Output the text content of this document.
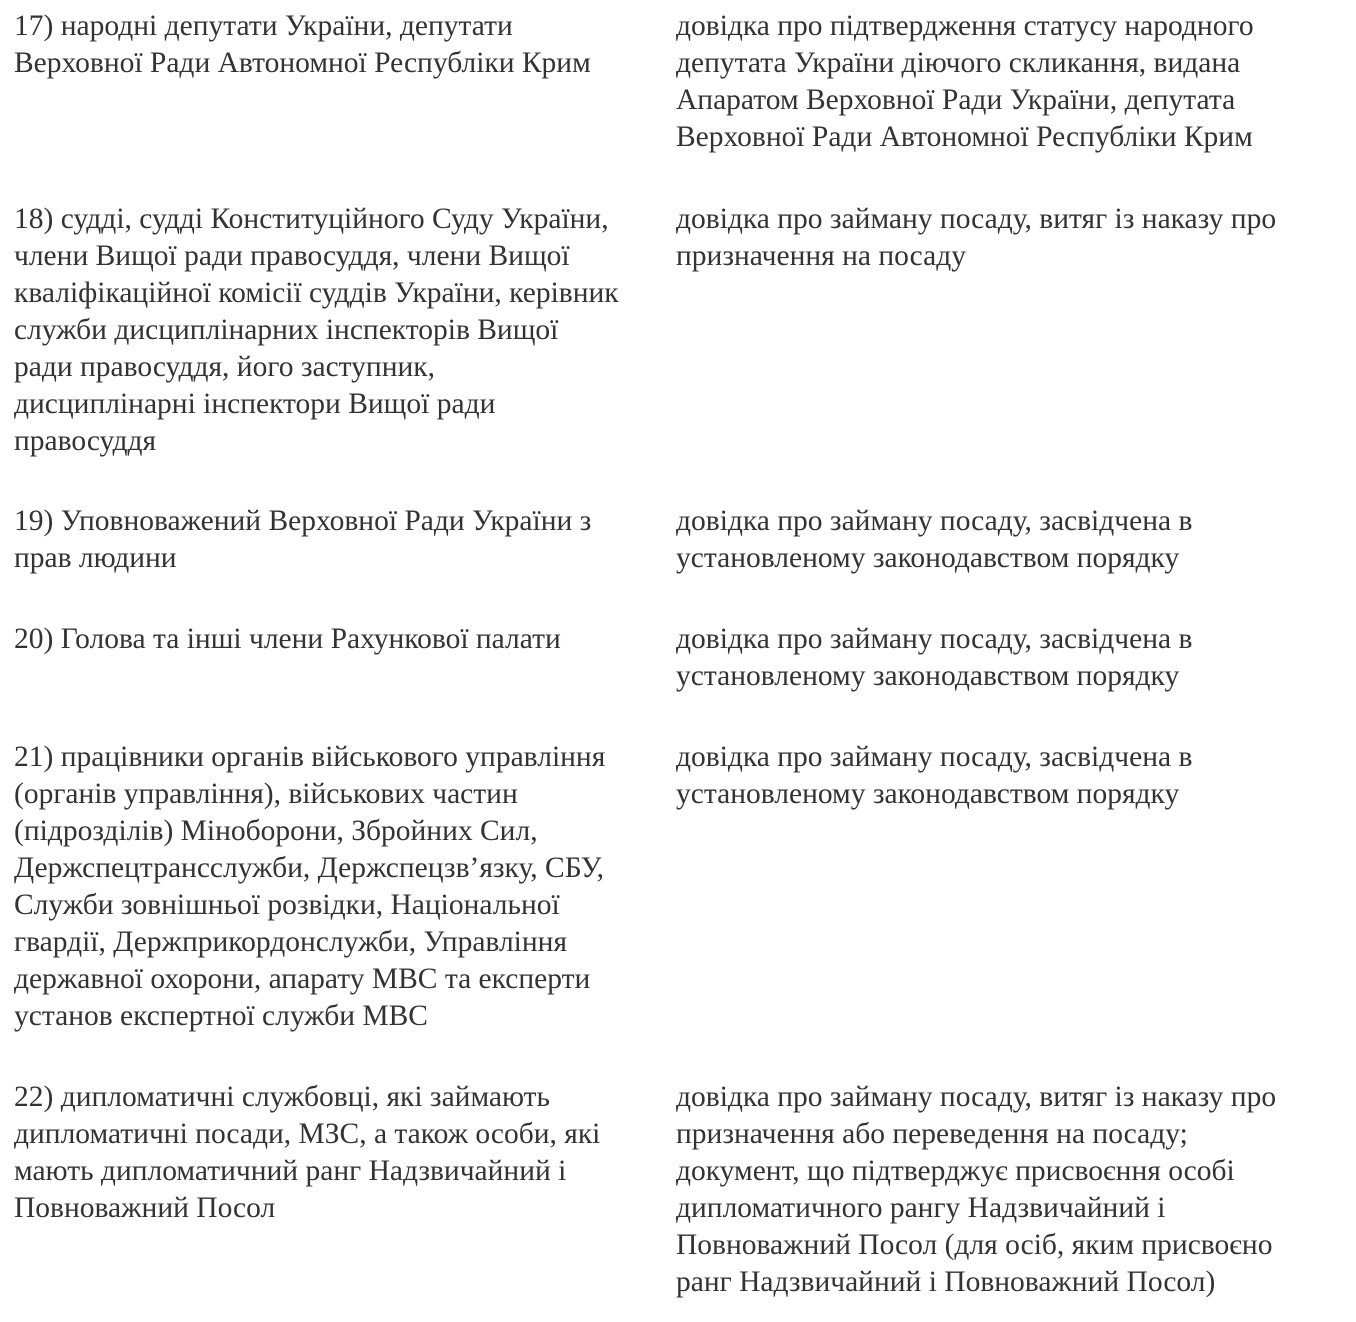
17) народні депутати України, депутати
Верховної Ради Автономної Республіки Крим
довідка про підтвердження статусу народного
депутата України діючого скликання, видана
Апаратом Верховної Ради України, депутата
Верховної Ради Автономної Республіки Крим
18) судді, судді Конституційного Суду України,
члени Вищої ради правосуддя, члени Вищої
кваліфікаційної комісії суддів України, керівник
служби дисциплінарних інспекторів Вищої
ради правосуддя, його заступник,
дисциплінарні інспектори Вищої ради
правосуддя
довідка про займану посаду, витяг із наказу про
призначення на посаду
19) Уповноважений Верховної Ради України з
прав людини
довідка про займану посаду, засвідчена в
установленому законодавством порядку
20) Голова та інші члени Рахункової палати	довідка про займану посаду, засвідчена в
установленому законодавством порядку
21) працівники органів військового управління
(органів управління), військових частин
(підрозділів) Міноборони, Збройних Сил,
Держспецтрансслужби, Держспецзв’язку, СБУ,
Служби зовнішньої розвідки, Національної
гвардії, Держприкордонслужби, Управління
державної охорони, апарату МВС та експерти
установ експертної служби МВС
довідка про займану посаду, засвідчена в
установленому законодавством порядку
22) дипломатичні службовці, які займають
дипломатичні посади, МЗС, а також особи, які
мають дипломатичний ранг Надзвичайний і
Повноважний Посол
довідка про займану посаду, витяг із наказу про
призначення або переведення на посаду;
документ, що підтверджує присвоєння особі
дипломатичного рангу Надзвичайний і
Повноважний Посол (для осіб, яким присвоєно
ранг Надзвичайний і Повноважний Посол)
